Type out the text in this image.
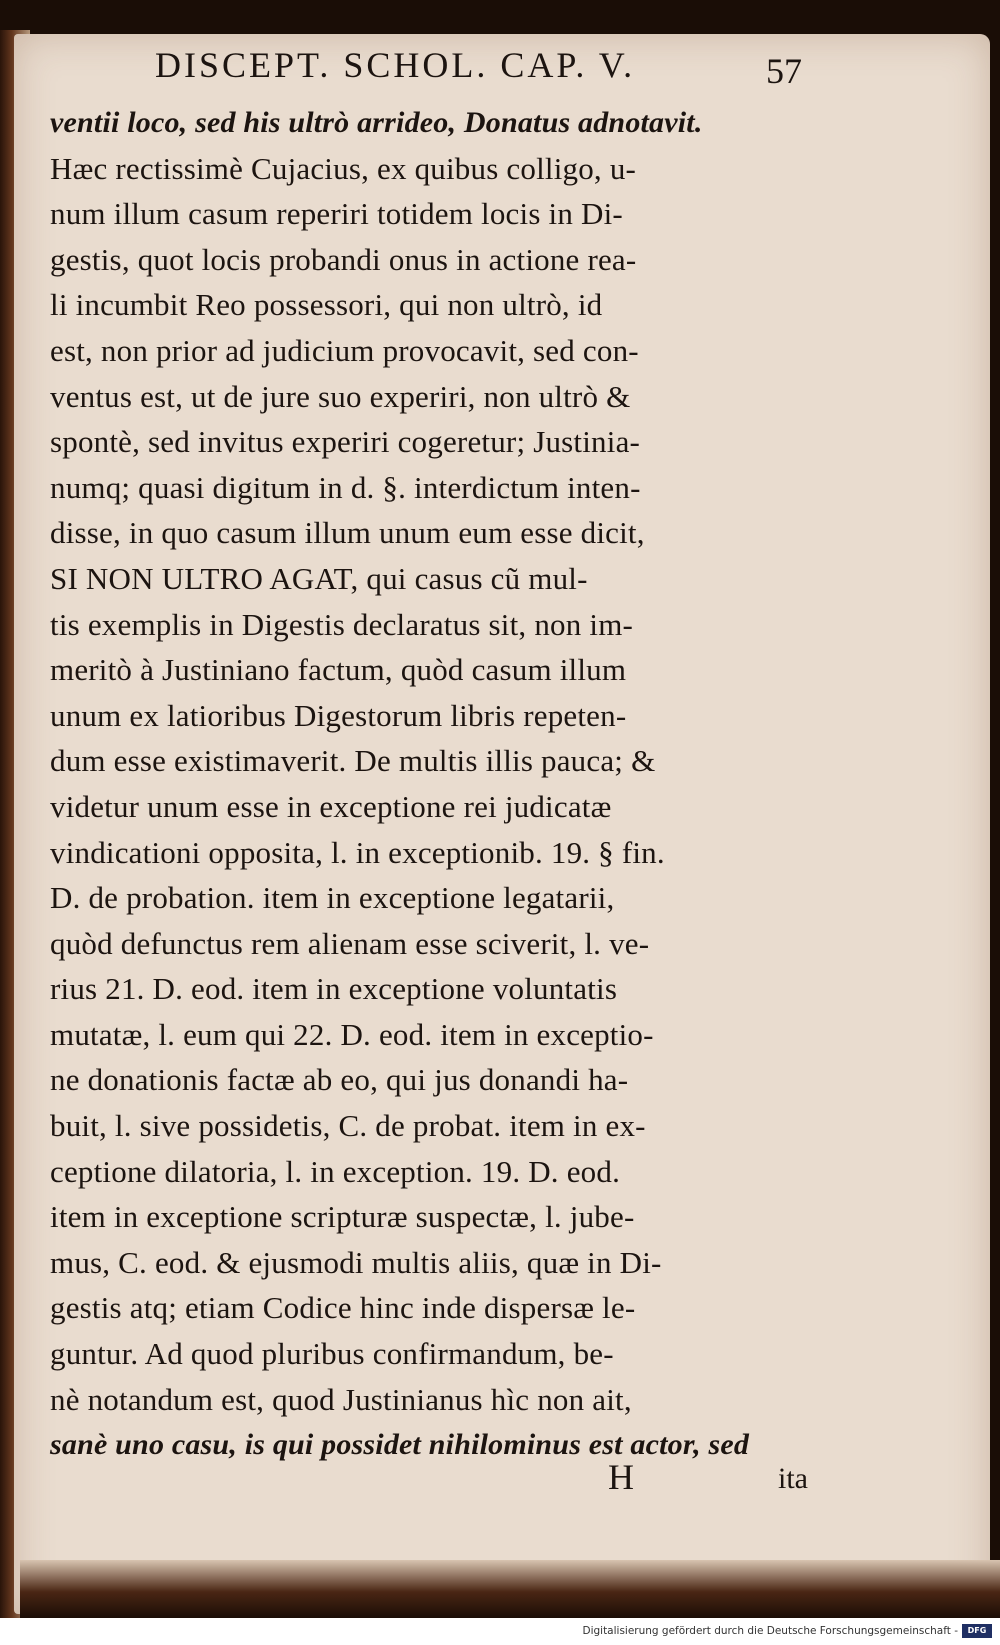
DISCEPT. SCHOL. CAP. V.	57
ventii loco, sed his ultrò arrideo, Donatus adnotavit.
Hæc rectissimè Cujacius, ex quibus colligo, u-
num illum casum reperiri totidem locis in Di-
gestis, quot locis probandi onus in actione rea-
li incumbit Reo possessori, qui non ultrò, id
est, non prior ad judicium provocavit, sed con-
ventus est, ut de jure suo experiri, non ultrò &
spontè, sed invitus experiri cogeretur; Justinia-
numq; quasi digitum in d. §. interdictum inten-
disse, in quo casum illum unum eum esse dicit,
SI NON ULTRO AGAT, qui casus cũ mul-
tis exemplis in Digestis declaratus sit, non im-
meritò à Justiniano factum, quòd casum illum
unum ex latioribus Digestorum libris repeten-
dum esse existimaverit. De multis illis pauca; &
videtur unum esse in exceptione rei judicatæ
vindicationi opposita, l. in exceptionib. 19. § fin.
D. de probation. item in exceptione legatarii,
quòd defunctus rem alienam esse sciverit, l. ve-
rius 21. D. eod. item in exceptione voluntatis
mutatæ, l. eum qui 22. D. eod. item in exceptio-
ne donationis factæ ab eo, qui jus donandi ha-
buit, l. sive possidetis, C. de probat. item in ex-
ceptione dilatoria, l. in exception. 19. D. eod.
item in exceptione scripturæ suspectæ, l. jube-
mus, C. eod. & ejusmodi multis aliis, quæ in Di-
gestis atq; etiam Codice hinc inde dispersæ le-
guntur. Ad quod pluribus confirmandum, be-
nè notandum est, quod Justinianus hìc non ait,
sanè uno casu, is qui possidet nihilominus est actor, sed
H	ita
Digitalisierung gefördert durch die Deutsche Forschungsgemeinschaft -	DFG
